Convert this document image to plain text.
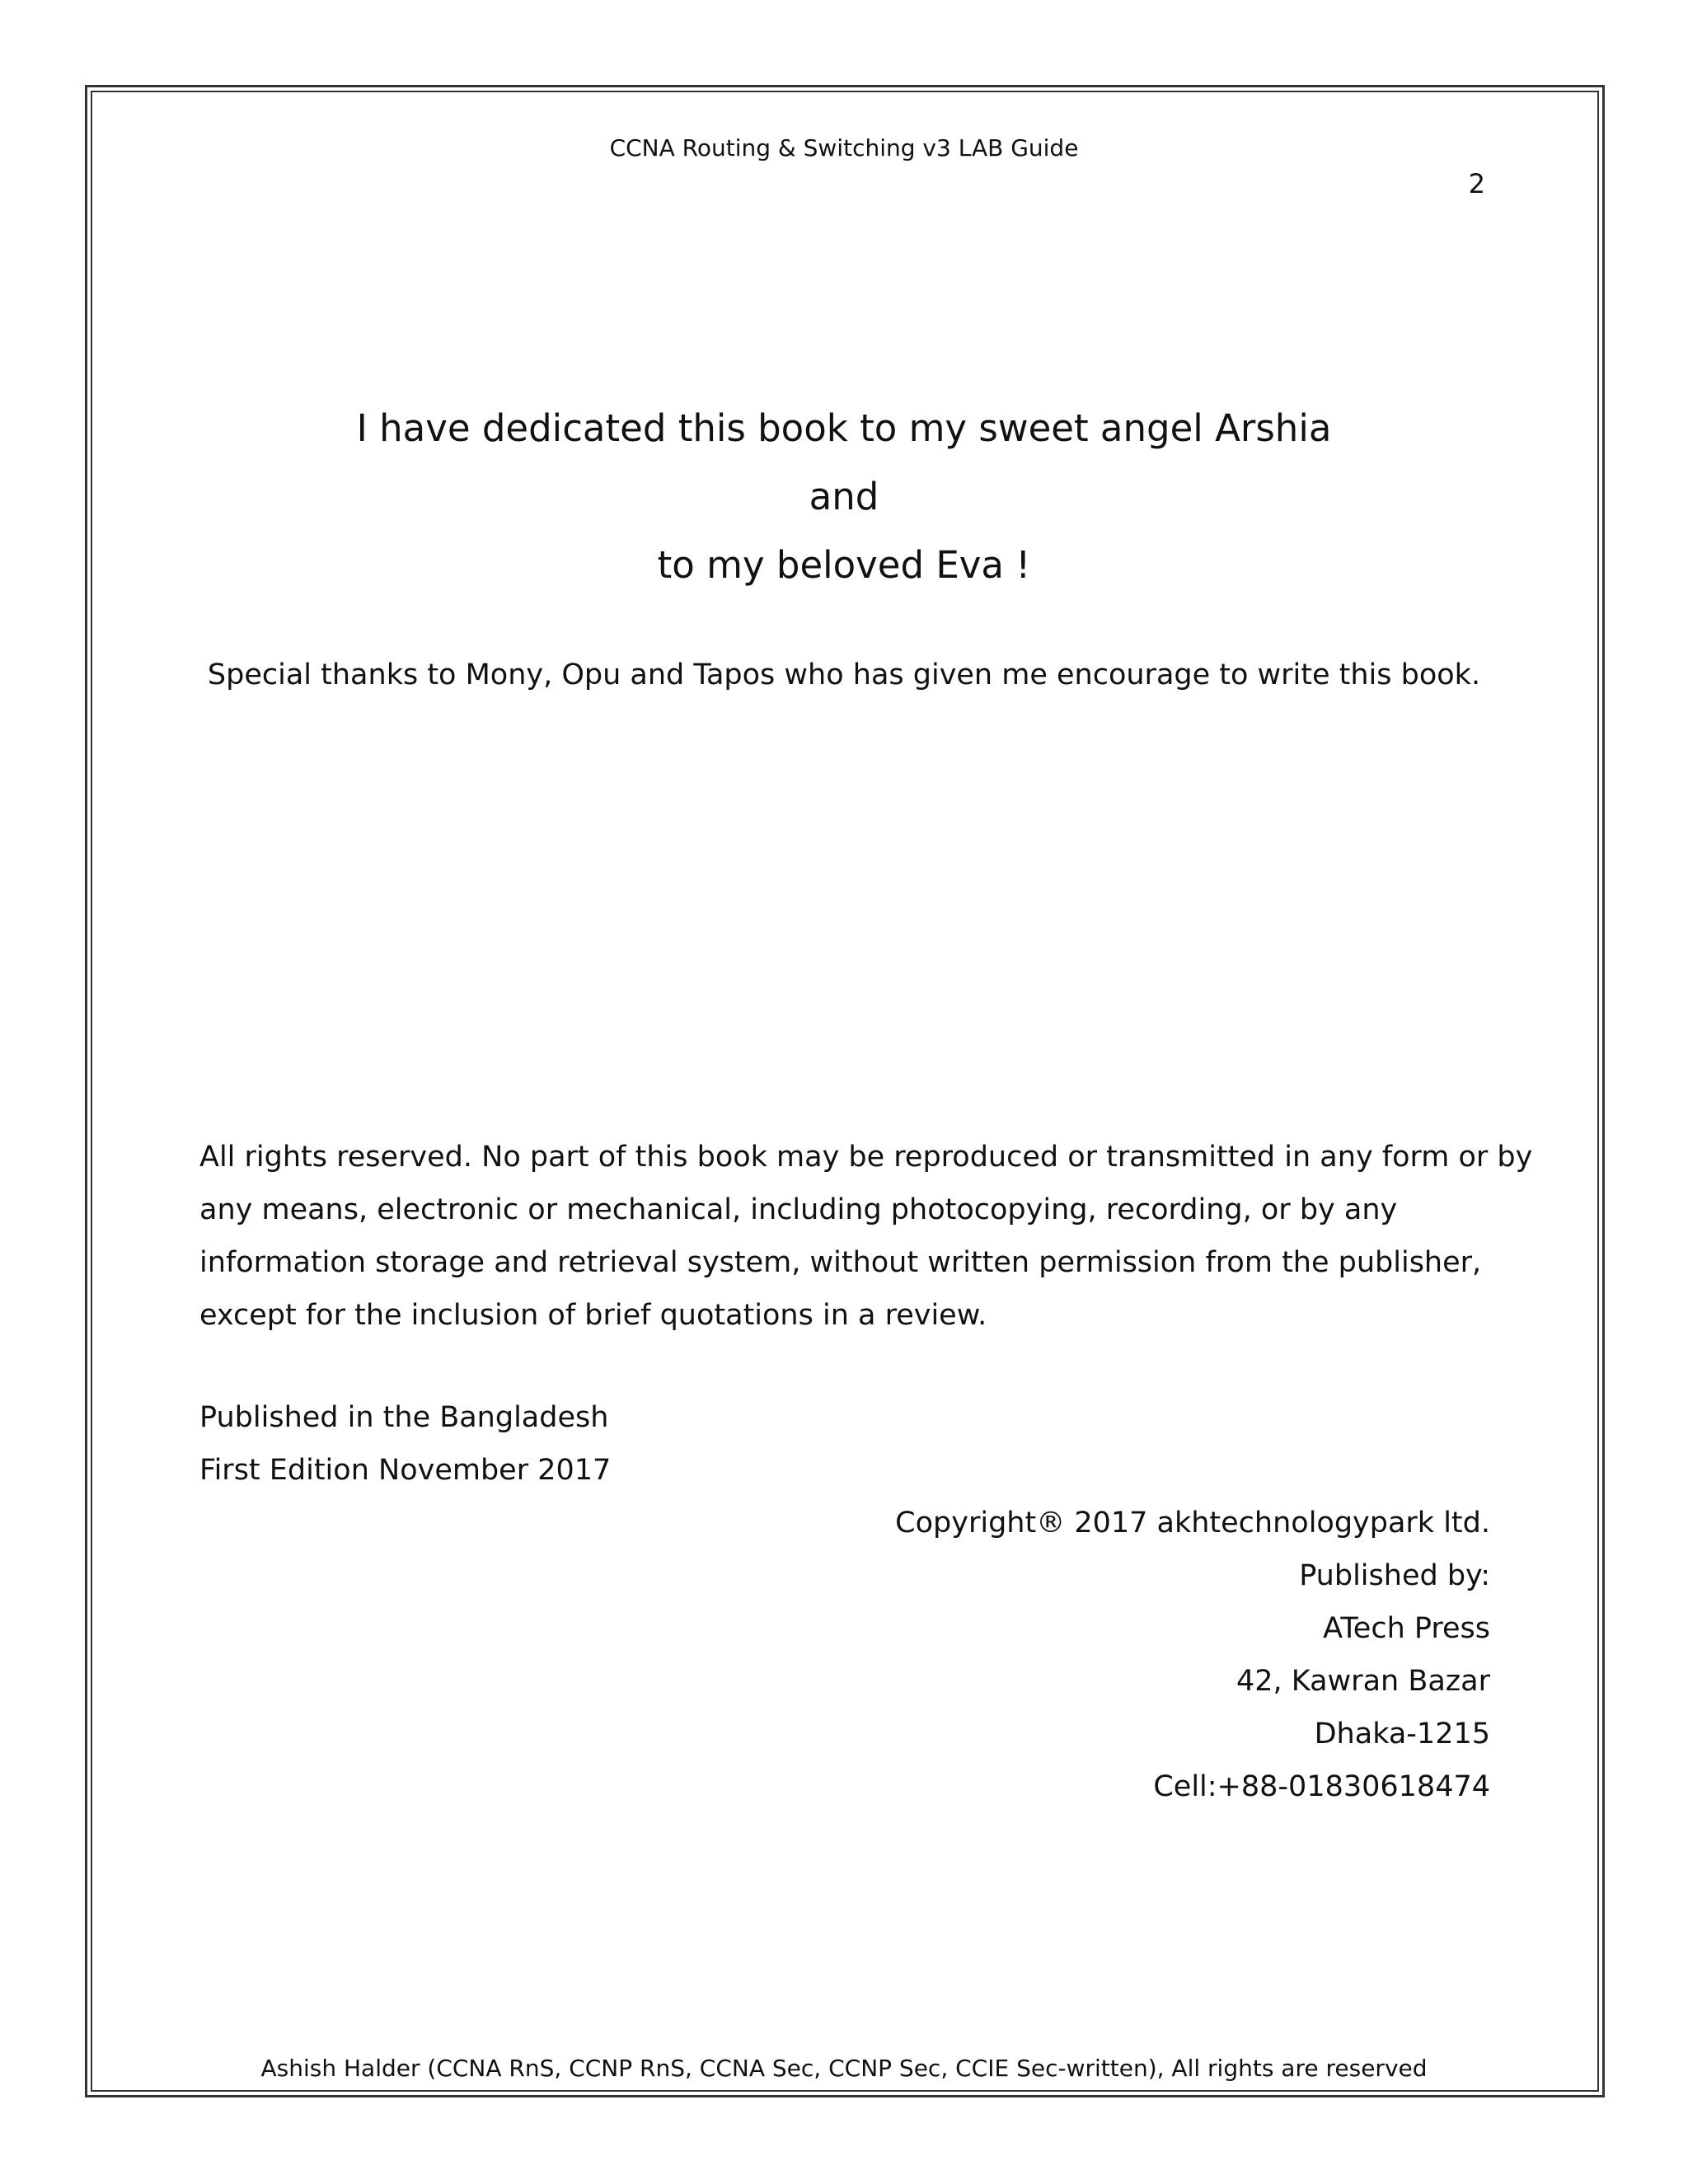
CCNA Routing & Switching v3 LAB Guide
2
I have dedicated this book to my sweet angel Arshia
and
to my beloved Eva !
Special thanks to Mony, Opu and Tapos who has given me encourage to write this book.
All rights reserved. No part of this book may be reproduced or transmitted in any form or by
any means, electronic or mechanical, including photocopying, recording, or by any
information storage and retrieval system, without written permission from the publisher,
except for the inclusion of brief quotations in a review.
Published in the Bangladesh
First Edition November 2017
Copyright® 2017 akhtechnologypark ltd.
Published by:
ATech Press
42, Kawran Bazar
Dhaka-1215
Cell:+88-01830618474
Ashish Halder (CCNA RnS, CCNP RnS, CCNA Sec, CCNP Sec, CCIE Sec-written), All rights are reserved
